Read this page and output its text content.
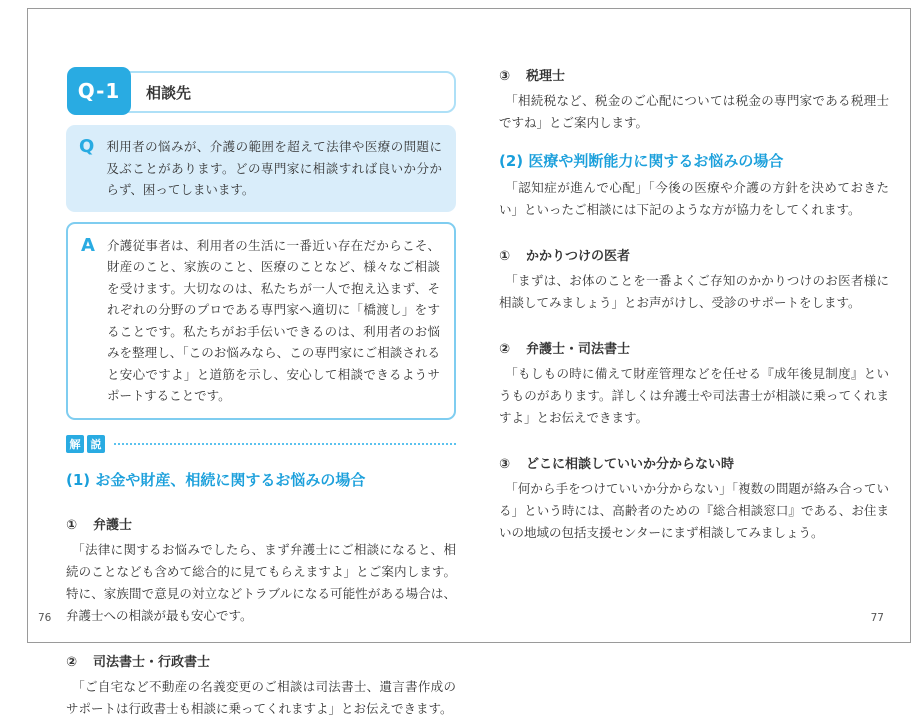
Q-1	相談先
Q 利用者の悩みが、介護の範囲を超えて法律や医療の問題に及ぶことがあります。どの専門家に相談すれば良いか分からず、困ってしまいます。

A 介護従事者は、利用者の生活に一番近い存在だからこそ、財産のこと、家族のこと、医療のことなど、様々なご相談を受けます。大切なのは、私たちが一人で抱え込まず、それぞれの分野のプロである専門家へ適切に「橋渡し」をすることです。私たちがお手伝いできるのは、利用者のお悩みを整理し、「このお悩みなら、この専門家にご相談されると安心ですよ」と道筋を示し、安心して相談できるようサポートすることです。

解 説
(1) お金や財産、相続に関するお悩みの場合
① 弁護士

「法律に関するお悩みでしたら、まず弁護士にご相談になると、相続のことなども含めて総合的に見てもらえますよ」とご案内します。特に、家族間で意見の対立などトラブルになる可能性がある場合は、弁護士への相談が最も安心です。

② 司法書士・行政書士

「ご自宅など不動産の名義変更のご相談は司法書士、遺言書作成のサポートは行政書士も相談に乗ってくれますよ」とお伝えできます。

③ 税理士

「相続税など、税金のご心配については税金の専門家である税理士ですね」とご案内します。

(2) 医療や判断能力に関するお悩みの場合

「認知症が進んで心配」「今後の医療や介護の方針を決めておきたい」といったご相談には下記のような方が協力をしてくれます。

① かかりつけの医者

「まずは、お体のことを一番よくご存知のかかりつけのお医者様に相談してみましょう」とお声がけし、受診のサポートをします。

② 弁護士・司法書士

「もしもの時に備えて財産管理などを任せる『成年後見制度』というものがあります。詳しくは弁護士や司法書士が相談に乗ってくれますよ」とお伝えできます。

③ どこに相談していいか分からない時

「何から手をつけていいか分からない」「複数の問題が絡み合っている」という時には、高齢者のための『総合相談窓口』である、お住まいの地域の包括支援センターにまず相談してみましょう。

76	77
